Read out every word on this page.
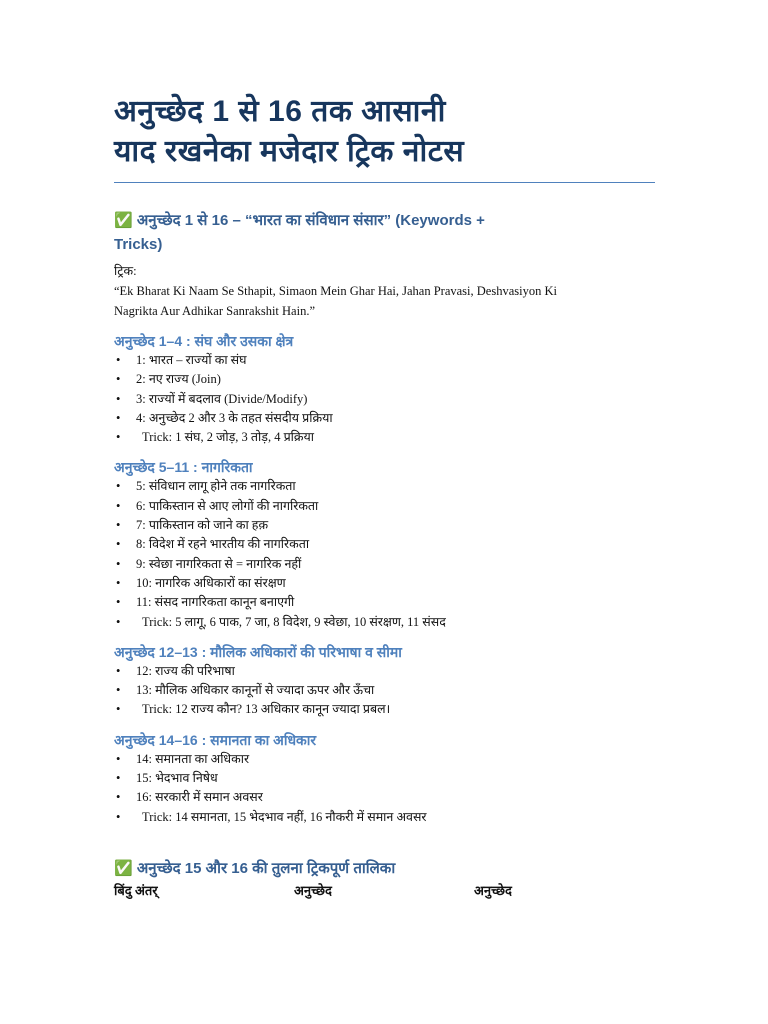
अनुच्छेद 1 से 16 तक आसानी
याद रखनेका मजेदार ट्रिक नोटस
✅ अनुच्छेद 1 से 16 – “भारत का संविधान संसार” (Keywords +
Tricks)
ट्रिक:
“Ek Bharat Ki Naam Se Sthapit, Simaon Mein Ghar Hai, Jahan Pravasi, Deshvasiyon Ki
Nagrikta Aur Adhikar Sanrakshit Hain.”
अनुच्छेद 1–4 : संघ और उसका क्षेत्र
• 1: भारत – राज्यों का संघ
• 2: नए राज्य (Join)
• 3: राज्यों में बदलाव (Divide/Modify)
• 4: अनुच्छेद 2 और 3 के तहत संसदीय प्रक्रिया
• Trick: 1 संघ, 2 जोड़, 3 तोड़, 4 प्रक्रिया
अनुच्छेद 5–11 : नागरिकता
• 5: संविधान लागू होने तक नागरिकता
• 6: पाकिस्तान से आए लोगों की नागरिकता
• 7: पाकिस्तान को जाने का हक़
• 8: विदेश में रहने भारतीय की नागरिकता
• 9: स्वेछा नागरिकता से = नागरिक नहीं
• 10: नागरिक अधिकारों का संरक्षण
• 11: संसद नागरिकता कानून बनाएगी
• Trick: 5 लागू, 6 पाक, 7 जा, 8 विदेश, 9 स्वेछा, 10 संरक्षण, 11 संसद
अनुच्छेद 12–13 : मौलिक अधिकारों की परिभाषा व सीमा
• 12: राज्य की परिभाषा
• 13: मौलिक अधिकार कानूनों से ज्यादा ऊपर और ऊँचा
• Trick: 12 राज्य कौन? 13 अधिकार कानून ज्यादा प्रबल।
अनुच्छेद 14–16 : समानता का अधिकार
• 14: समानता का अधिकार
• 15: भेदभाव निषेध
• 16: सरकारी में समान अवसर
• Trick: 14 समानता, 15 भेदभाव नहीं, 16 नौकरी में समान अवसर
✅ अनुच्छेद 15 और 16 की तुलना ट्रिकपूर्ण तालिका
बिंदु अंतर्	अनुच्छेद	अनुच्छेद
